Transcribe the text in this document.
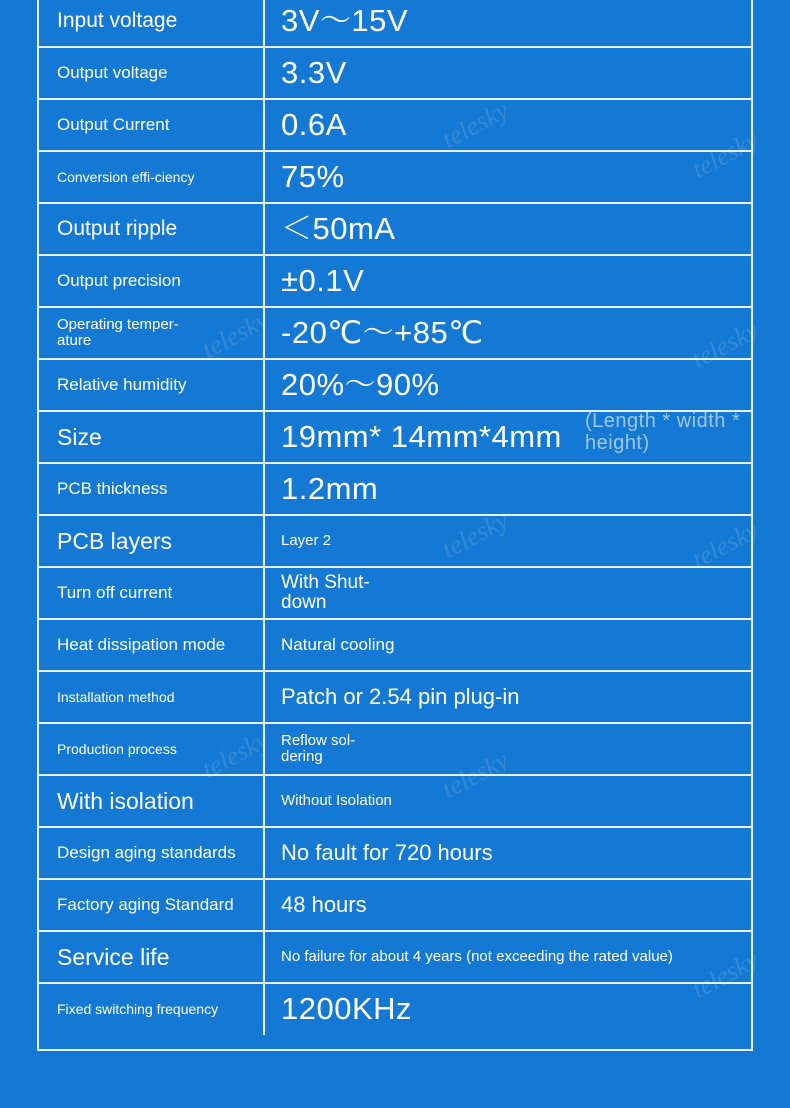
telesky
telesky
telesky	telesky
telesky	telesky
telesky	telesky
telesky
Input voltage	3V～15V
Output voltage	3.3V
Output Current	0.6A
Conversion effi-ciency	75%
Output ripple	＜50mA
Output precision	±0.1V
Operating temper-ature	-20℃～+85℃
Relative humidity	20%～90%
Size	19mm* 14mm*4mm (Length * width * height)
PCB thickness	1.2mm
PCB layers	Layer 2
Turn off current	With Shut-down
Heat dissipation mode	Natural cooling
Installation method	Patch or 2.54 pin plug-in
Production process	Reflow sol-dering
With isolation	Without Isolation
Design aging standards	No fault for 720 hours
Factory aging Standard	48 hours
Service life	No failure for about 4 years (not exceeding the rated value)
Fixed switching frequency	1200KHz
